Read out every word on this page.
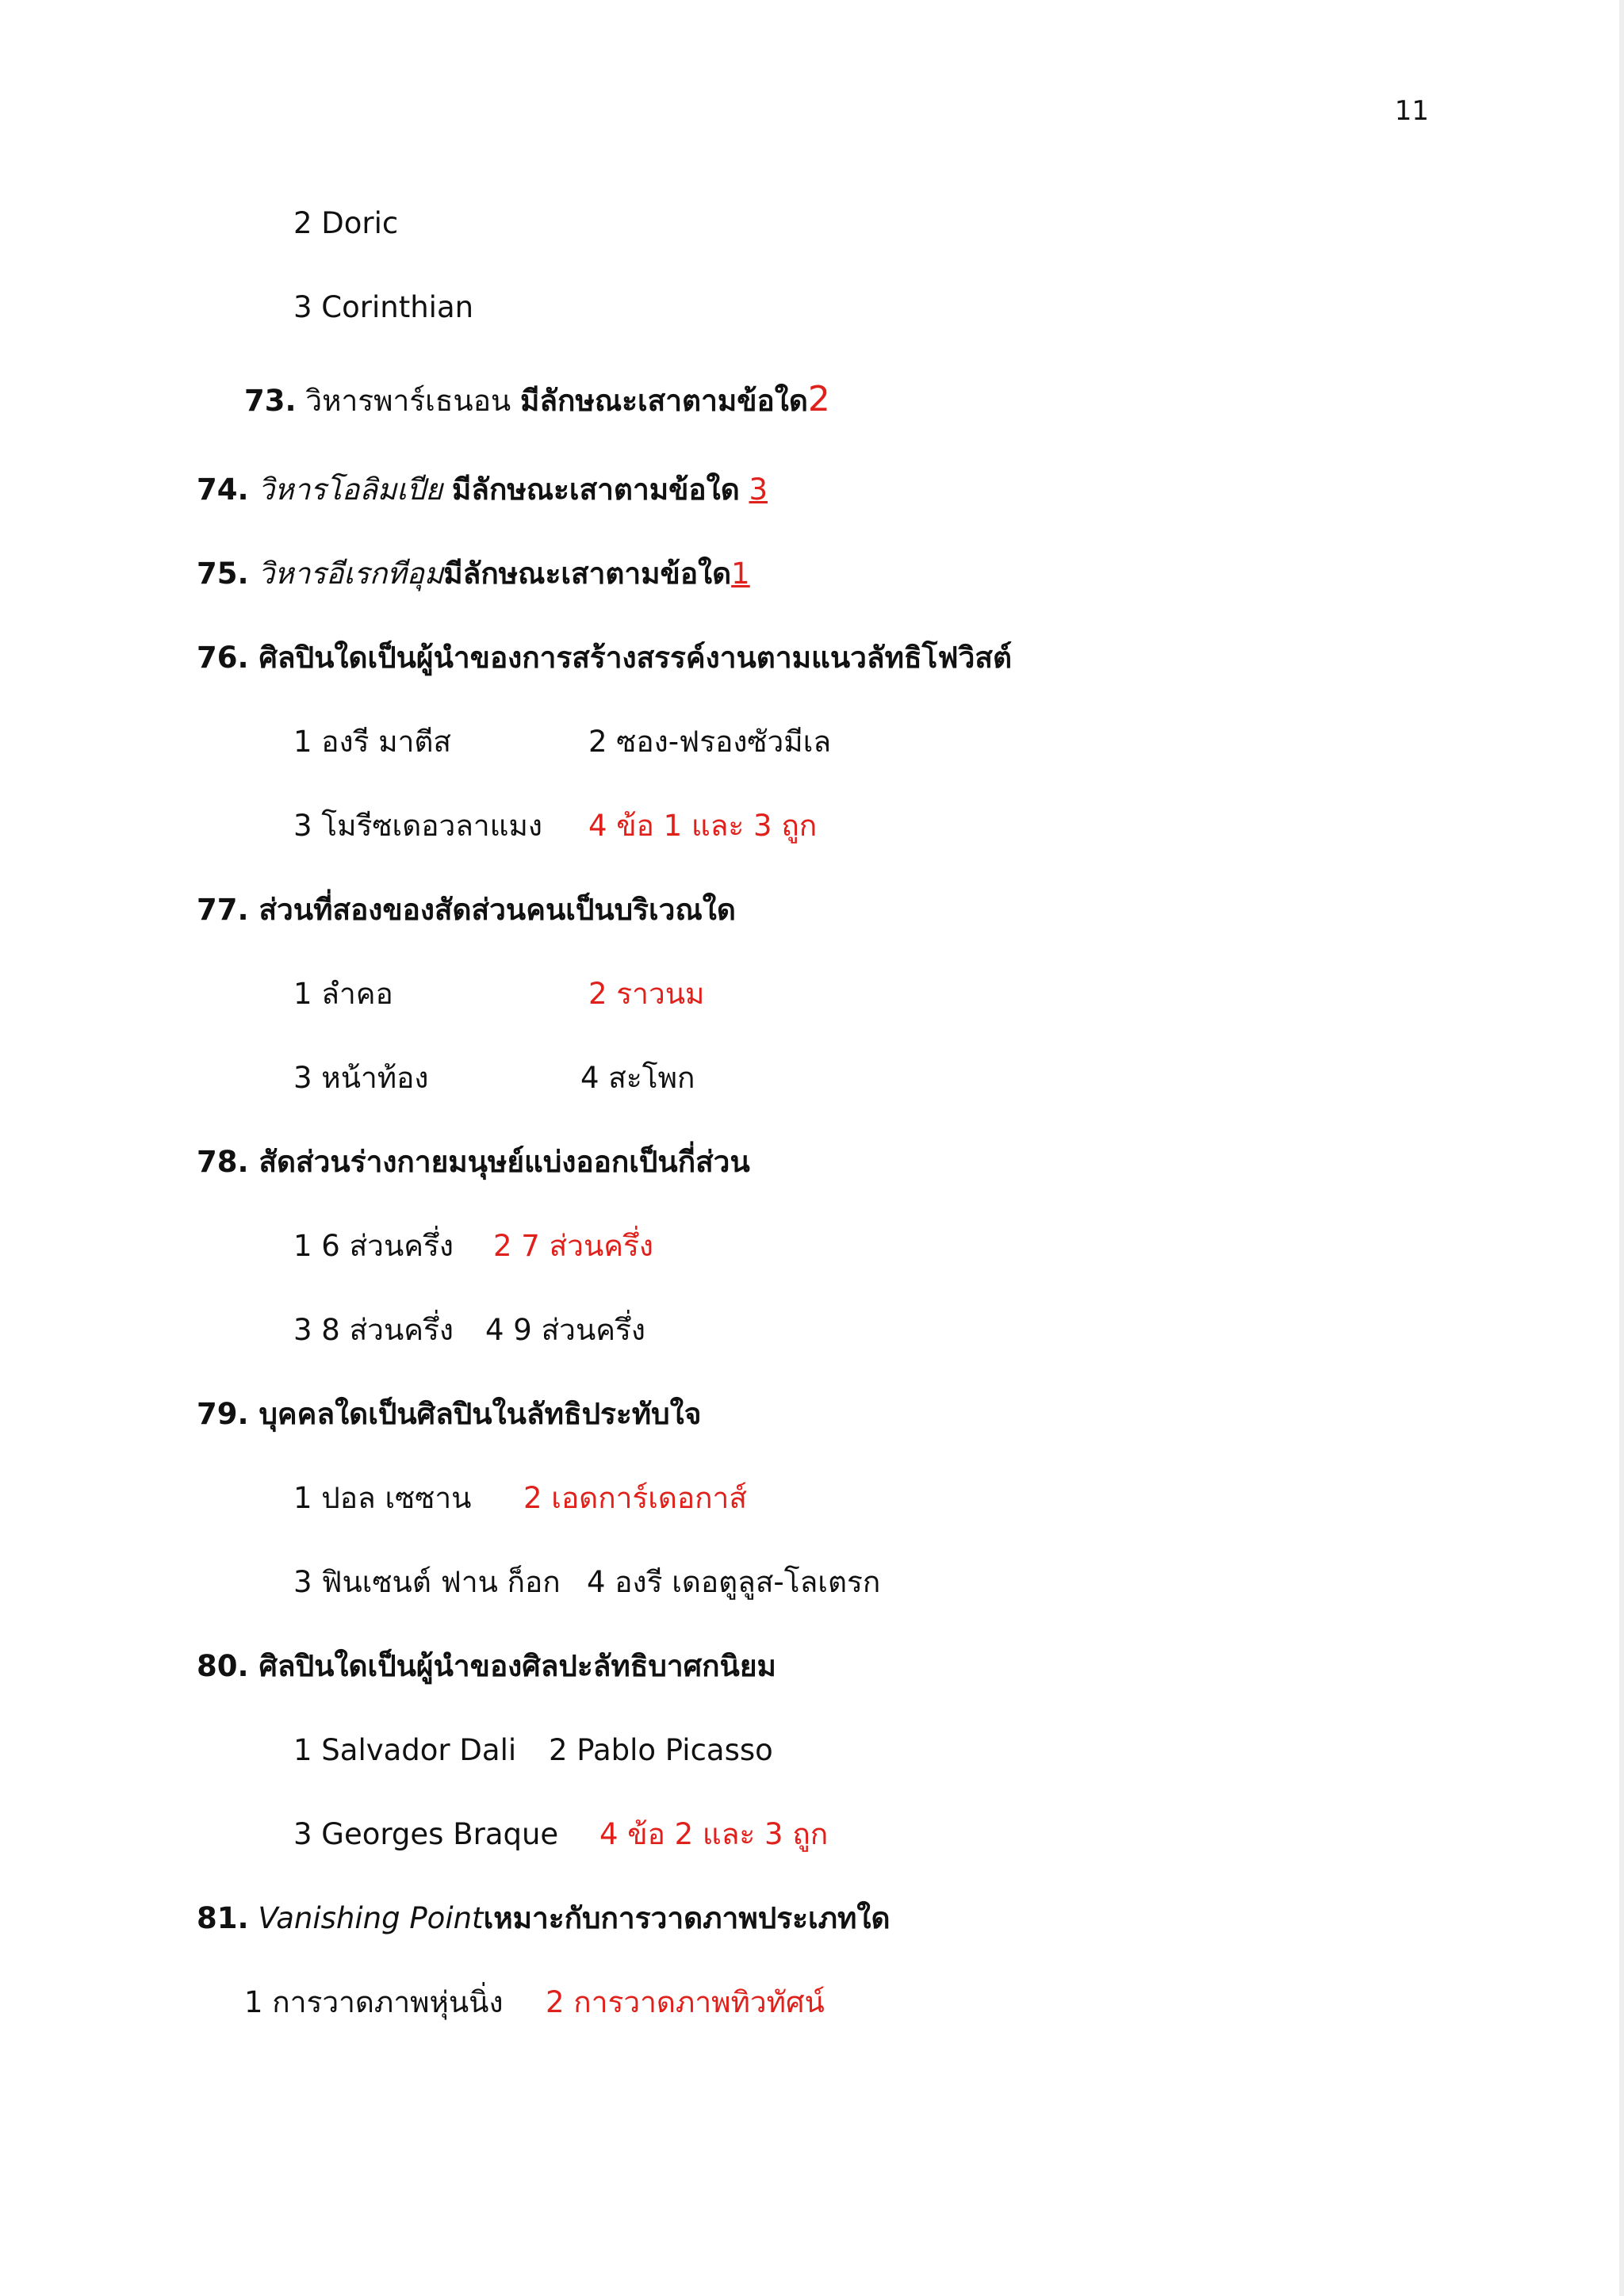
11
2 Doric
3 Corinthian
73. วิหารพาร์เธนอน มีลักษณะเสาตามข้อใด2
74. วิหารโอลิมเปีย มีลักษณะเสาตามข้อใด 3
75. วิหารอีเรกทีอุมมีลักษณะเสาตามข้อใด1
76. ศิลปินใดเป็นผู้นำของการสร้างสรรค์งานตามแนวลัทธิโฟวิสต์
1 องรี มาตีส	2 ซอง-ฟรองซัวมีเล
3 โมรีซเดอวลาแมง 4 ข้อ 1 และ 3 ถูก
77. ส่วนที่สองของสัดส่วนคนเป็นบริเวณใด
1 ลำคอ	2 ราวนม
3 หน้าท้อง	4 สะโพก
78. สัดส่วนร่างกายมนุษย์แบ่งออกเป็นกี่ส่วน
1 6 ส่วนครึ่ง 2 7 ส่วนครึ่ง
3 8 ส่วนครึ่ง 4 9 ส่วนครึ่ง
79. บุคคลใดเป็นศิลปินในลัทธิประทับใจ
1 ปอล เซซาน 2 เอดการ์เดอกาส์
3 ฟินเซนต์ ฟาน ก็อก 4 องรี เดอตูลูส-โลเตรก
80. ศิลปินใดเป็นผู้นำของศิลปะลัทธิบาศกนิยม
1 Salvador Dali 2 Pablo Picasso
3 Georges Braque 4 ข้อ 2 และ 3 ถูก
81. Vanishing Pointเหมาะกับการวาดภาพประเภทใด
1 การวาดภาพหุ่นนิ่ง 2 การวาดภาพทิวทัศน์
